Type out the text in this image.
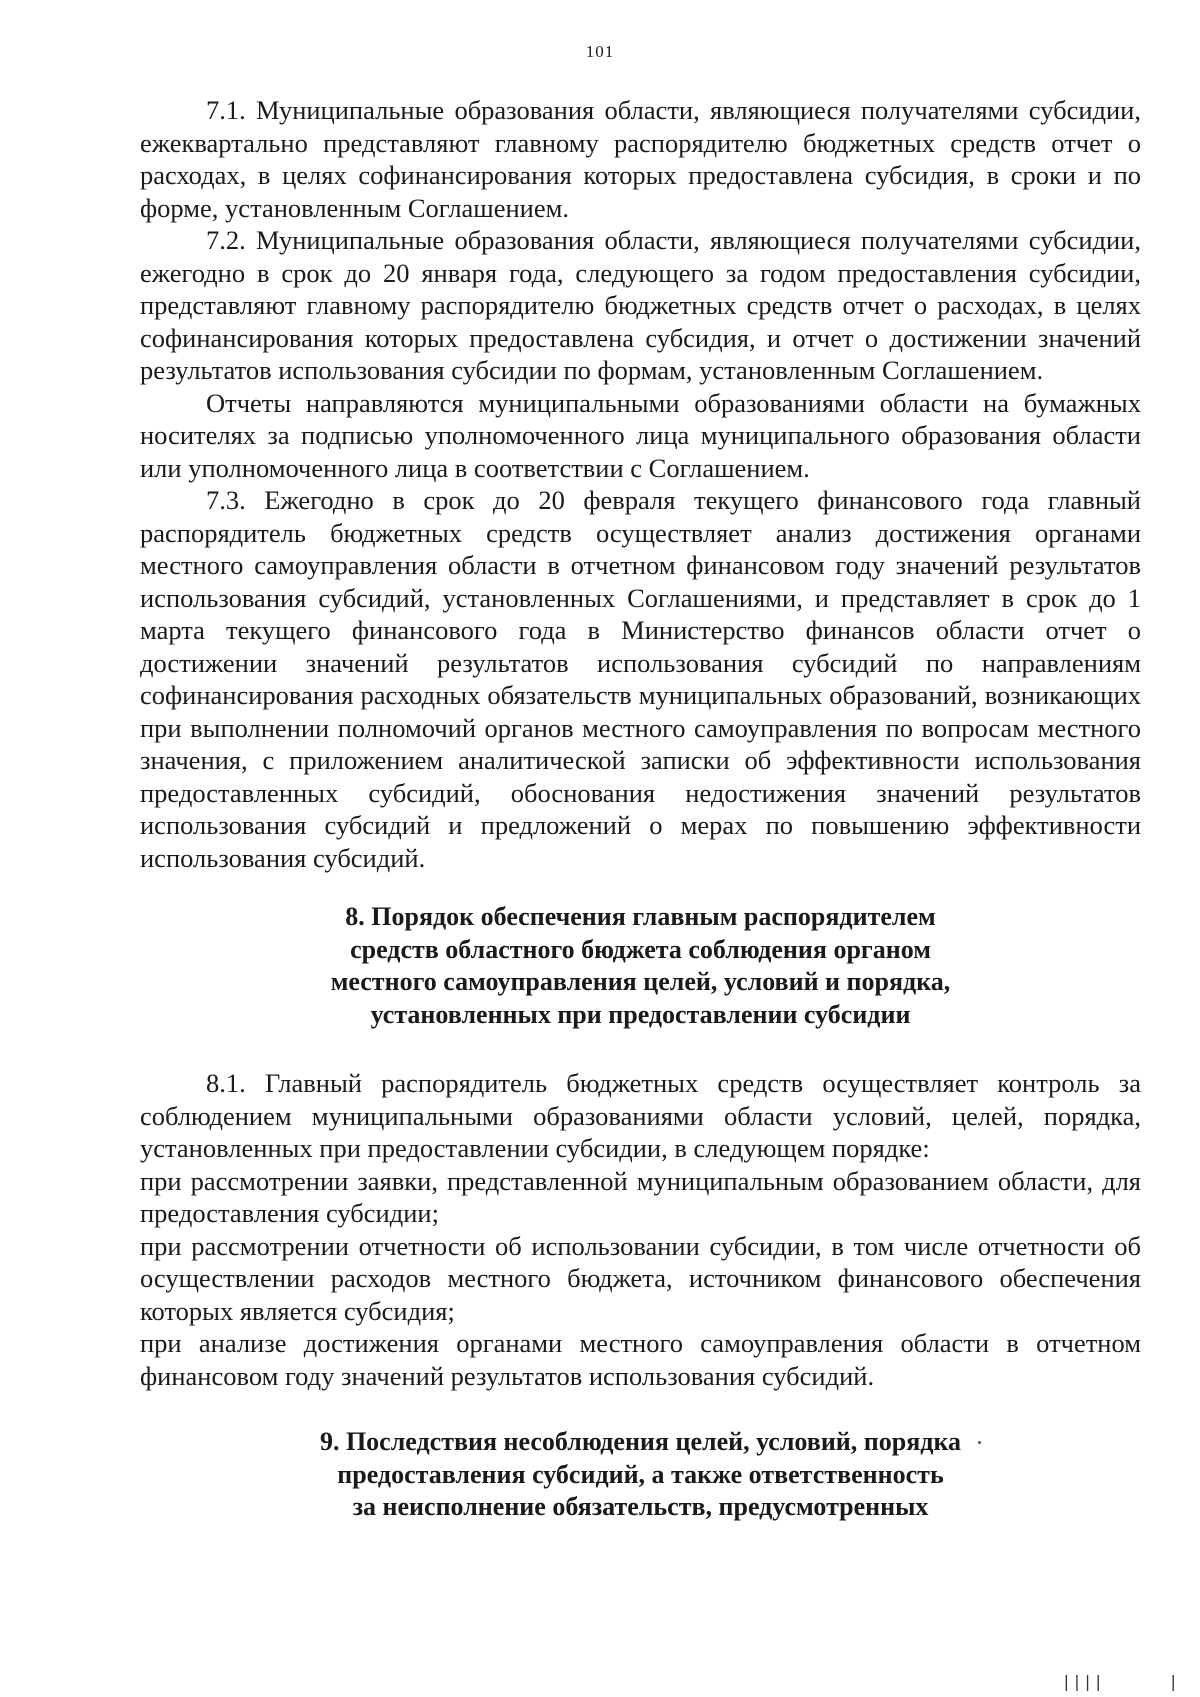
101

7.1. Муниципальные образования области, являющиеся получателями субсидии, ежеквартально представляют главному распорядителю бюджетных средств отчет о расходах, в целях софинансирования которых предоставлена субсидия, в сроки и по форме, установленным Соглашением.

7.2. Муниципальные образования области, являющиеся получателями субсидии, ежегодно в срок до 20 января года, следующего за годом предоставления субсидии, представляют главному распорядителю бюджетных средств отчет о расходах, в целях софинансирования которых предоставлена субсидия, и отчет о достижении значений результатов использования субсидии по формам, установленным Соглашением.

Отчеты направляются муниципальными образованиями области на бумажных носителях за подписью уполномоченного лица муниципального образования области или уполномоченного лица в соответствии с Соглашением.

7.3. Ежегодно в срок до 20 февраля текущего финансового года главный распорядитель бюджетных средств осуществляет анализ достижения органами местного самоуправления области в отчетном финансовом году значений результатов использования субсидий, установленных Соглашениями, и представляет в срок до 1 марта текущего финансового года в Министерство финансов области отчет о достижении значений результатов использования субсидий по направлениям софинансирования расходных обязательств муниципальных образований, возникающих при выполнении полномочий органов местного самоуправления по вопросам местного значения, с приложением аналитической записки об эффективности использования предоставленных субсидий, обоснования недостижения значений результатов использования субсидий и предложений о мерах по повышению эффективности использования субсидий.

8. Порядок обеспечения главным распорядителем
средств областного бюджета соблюдения органом
местного самоуправления целей, условий и порядка,
установленных при предоставлении субсидии

8.1. Главный распорядитель бюджетных средств осуществляет контроль за соблюдением муниципальными образованиями области условий, целей, порядка, установленных при предоставлении субсидии, в следующем порядке:

при рассмотрении заявки, представленной муниципальным образованием области, для предоставления субсидии;

при рассмотрении отчетности об использовании субсидии, в том числе отчетности об осуществлении расходов местного бюджета, источником финансового обеспечения которых является субсидия;

при анализе достижения органами местного самоуправления области в отчетном финансовом году значений результатов использования субсидий.

9. Последствия несоблюдения целей, условий, порядка
предоставления субсидий, а также ответственность
за неисполнение обязательств, предусмотренных
||||	|
